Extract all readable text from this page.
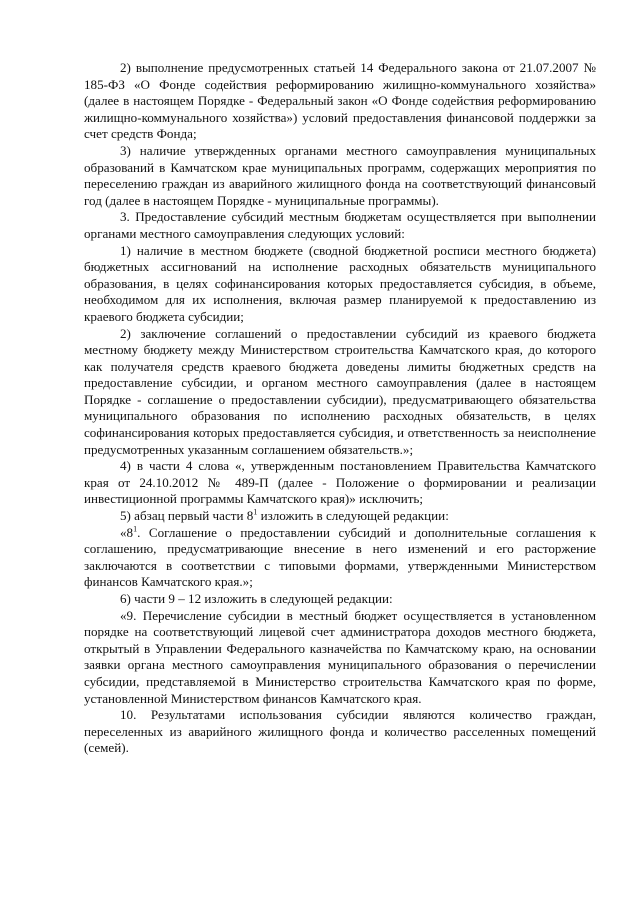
2) выполнение предусмотренных статьей 14 Федерального закона от 21.07.2007 № 185-ФЗ «О Фонде содействия реформированию жилищно-коммунального хозяйства» (далее в настоящем Порядке - Федеральный закон «О Фонде содействия реформированию жилищно-коммунального хозяйства») условий предоставления финансовой поддержки за счет средств Фонда;

3) наличие утвержденных органами местного самоуправления муниципальных образований в Камчатском крае муниципальных программ, содержащих мероприятия по переселению граждан из аварийного жилищного фонда на соответствующий финансовый год (далее в настоящем Порядке - муниципальные программы).

3. Предоставление субсидий местным бюджетам осуществляется при выполнении органами местного самоуправления следующих условий:

1) наличие в местном бюджете (сводной бюджетной росписи местного бюджета) бюджетных ассигнований на исполнение расходных обязательств муниципального образования, в целях софинансирования которых предоставляется субсидия, в объеме, необходимом для их исполнения, включая размер планируемой к предоставлению из краевого бюджета субсидии;

2) заключение соглашений о предоставлении субсидий из краевого бюджета местному бюджету между Министерством строительства Камчатского края, до которого как получателя средств краевого бюджета доведены лимиты бюджетных средств на предоставление субсидии, и органом местного самоуправления (далее в настоящем Порядке - соглашение о предоставлении субсидии), предусматривающего обязательства муниципального образования по исполнению расходных обязательств, в целях софинансирования которых предоставляется субсидия, и ответственность за неисполнение предусмотренных указанным соглашением обязательств.»;

4) в части 4 слова «, утвержденным постановлением Правительства Камчатского края от 24.10.2012 № 489-П (далее - Положение о формировании и реализации инвестиционной программы Камчатского края)» исключить;

5) абзац первый части $8^1$ изложить в следующей редакции:

«$8^1$. Соглашение о предоставлении субсидий и дополнительные соглашения к соглашению, предусматривающие внесение в него изменений и его расторжение заключаются в соответствии с типовыми формами, утвержденными Министерством финансов Камчатского края.»;

6) части 9 – 12 изложить в следующей редакции:

«9. Перечисление субсидии в местный бюджет осуществляется в установленном порядке на соответствующий лицевой счет администратора доходов местного бюджета, открытый в Управлении Федерального казначейства по Камчатскому краю, на основании заявки органа местного самоуправления муниципального образования о перечислении субсидии, представляемой в Министерство строительства Камчатского края по форме, установленной Министерством финансов Камчатского края.

10. Результатами использования субсидии являются количество граждан, переселенных из аварийного жилищного фонда и количество расселенных помещений (семей).
